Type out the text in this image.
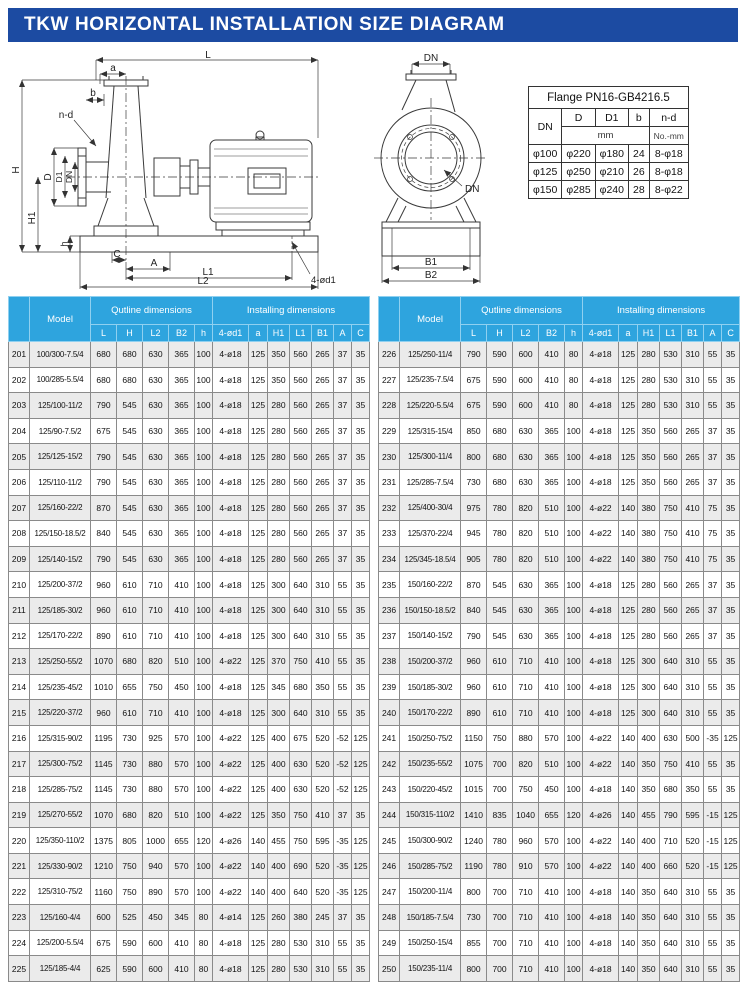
TKW HORIZONTAL INSTALLATION SIZE DIAGRAM
L
a
b
n-d
H
H1
D D1 DN
h
C
A
L1
L2	4-ød1
DN
DN
B1
B2
Flange PN16-GB4216.5				
DN	D	D1	b	n-d
	mm			No.-mm
φ100	φ220	φ180	24	8-φ18
φ125	φ250	φ210	26	8-φ18
φ150	φ285	φ240	28	8-φ22
	Model	Qutline dimensions					Installing dimensions						
		L	H	L2	B2	h	4-ød1	a	H1	L1	B1	A	C
201	100/300-7.5/4	680	680	630	365	100	4-ø18	125	350	560	265	37	35
202	100/285-5.5/4	680	680	630	365	100	4-ø18	125	350	560	265	37	35
203	125/100-11/2	790	545	630	365	100	4-ø18	125	280	560	265	37	35
204	125/90-7.5/2	675	545	630	365	100	4-ø18	125	280	560	265	37	35
205	125/125-15/2	790	545	630	365	100	4-ø18	125	280	560	265	37	35
206	125/110-11/2	790	545	630	365	100	4-ø18	125	280	560	265	37	35
207	125/160-22/2	870	545	630	365	100	4-ø18	125	280	560	265	37	35
208	125/150-18.5/2	840	545	630	365	100	4-ø18	125	280	560	265	37	35
209	125/140-15/2	790	545	630	365	100	4-ø18	125	280	560	265	37	35
210	125/200-37/2	960	610	710	410	100	4-ø18	125	300	640	310	55	35
211	125/185-30/2	960	610	710	410	100	4-ø18	125	300	640	310	55	35
212	125/170-22/2	890	610	710	410	100	4-ø18	125	300	640	310	55	35
213	125/250-55/2	1070	680	820	510	100	4-ø22	125	370	750	410	55	35
214	125/235-45/2	1010	655	750	450	100	4-ø18	125	345	680	350	55	35
215	125/220-37/2	960	610	710	410	100	4-ø18	125	300	640	310	55	35
216	125/315-90/2	1195	730	925	570	100	4-ø22	125	400	675	520	-52	125
217	125/300-75/2	1145	730	880	570	100	4-ø22	125	400	630	520	-52	125
218	125/285-75/2	1145	730	880	570	100	4-ø22	125	400	630	520	-52	125
219	125/270-55/2	1070	680	820	510	100	4-ø22	125	350	750	410	37	35
220	125/350-110/2	1375	805	1000	655	120	4-ø26	140	455	750	595	-35	125
221	125/330-90/2	1210	750	940	570	100	4-ø22	140	400	690	520	-35	125
222	125/310-75/2	1160	750	890	570	100	4-ø22	140	400	640	520	-35	125
223	125/160-4/4	600	525	450	345	80	4-ø14	125	260	380	245	37	35
224	125/200-5.5/4	675	590	600	410	80	4-ø18	125	280	530	310	55	35
225	125/185-4/4	625	590	600	410	80	4-ø18	125	280	530	310	55	35
	Model	Qutline dimensions					Installing dimensions						
		L	H	L2	B2	h	4-ød1	a	H1	L1	B1	A	C
226	125/250-11/4	790	590	600	410	80	4-ø18	125	280	530	310	55	35
227	125/235-7.5/4	675	590	600	410	80	4-ø18	125	280	530	310	55	35
228	125/220-5.5/4	675	590	600	410	80	4-ø18	125	280	530	310	55	35
229	125/315-15/4	850	680	630	365	100	4-ø18	125	350	560	265	37	35
230	125/300-11/4	800	680	630	365	100	4-ø18	125	350	560	265	37	35
231	125/285-7.5/4	730	680	630	365	100	4-ø18	125	350	560	265	37	35
232	125/400-30/4	975	780	820	510	100	4-ø22	140	380	750	410	75	35
233	125/370-22/4	945	780	820	510	100	4-ø22	140	380	750	410	75	35
234	125/345-18.5/4	905	780	820	510	100	4-ø22	140	380	750	410	75	35
235	150/160-22/2	870	545	630	365	100	4-ø18	125	280	560	265	37	35
236	150/150-18.5/2	840	545	630	365	100	4-ø18	125	280	560	265	37	35
237	150/140-15/2	790	545	630	365	100	4-ø18	125	280	560	265	37	35
238	150/200-37/2	960	610	710	410	100	4-ø18	125	300	640	310	55	35
239	150/185-30/2	960	610	710	410	100	4-ø18	125	300	640	310	55	35
240	150/170-22/2	890	610	710	410	100	4-ø18	125	300	640	310	55	35
241	150/250-75/2	1150	750	880	570	100	4-ø22	140	400	630	500	-35	125
242	150/235-55/2	1075	700	820	510	100	4-ø22	140	350	750	410	55	35
243	150/220-45/2	1015	700	750	450	100	4-ø18	140	350	680	350	55	35
244	150/315-110/2	1410	835	1040	655	120	4-ø26	140	455	790	595	-15	125
245	150/300-90/2	1240	780	960	570	100	4-ø22	140	400	710	520	-15	125
246	150/285-75/2	1190	780	910	570	100	4-ø22	140	400	660	520	-15	125
247	150/200-11/4	800	700	710	410	100	4-ø18	140	350	640	310	55	35
248	150/185-7.5/4	730	700	710	410	100	4-ø18	140	350	640	310	55	35
249	150/250-15/4	855	700	710	410	100	4-ø18	140	350	640	310	55	35
250	150/235-11/4	800	700	710	410	100	4-ø18	140	350	640	310	55	35
